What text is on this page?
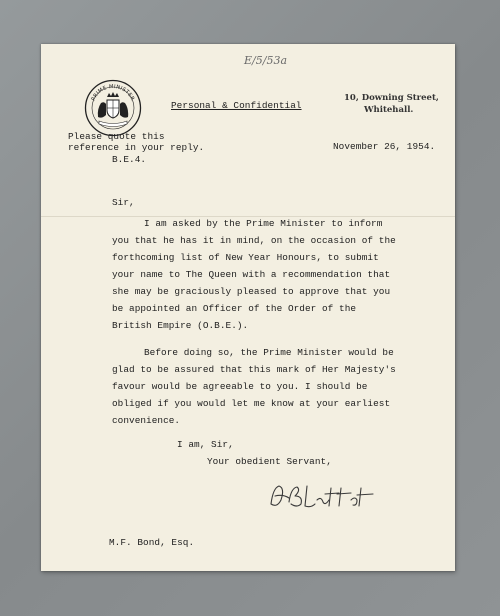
E/5/53a
PRIME MINISTER
Personal & Confidential
10, Downing Street,
Whitehall.
Please quote this
reference in your reply.
B.E.4.
November 26, 1954.
Sir,
I am asked by the Prime Minister to inform
you that he has it in mind, on the occasion of the
forthcoming list of New Year Honours, to submit
your name to The Queen with a recommendation that
she may be graciously pleased to approve that you
be appointed an Officer of the Order of the
British Empire (O.B.E.).
Before doing so, the Prime Minister would be
glad to be assured that this mark of Her Majesty's
favour would be agreeable to you. I should be
obliged if you would let me know at your earliest
convenience.
I am, Sir,
Your obedient Servant,
M.F. Bond, Esq.
